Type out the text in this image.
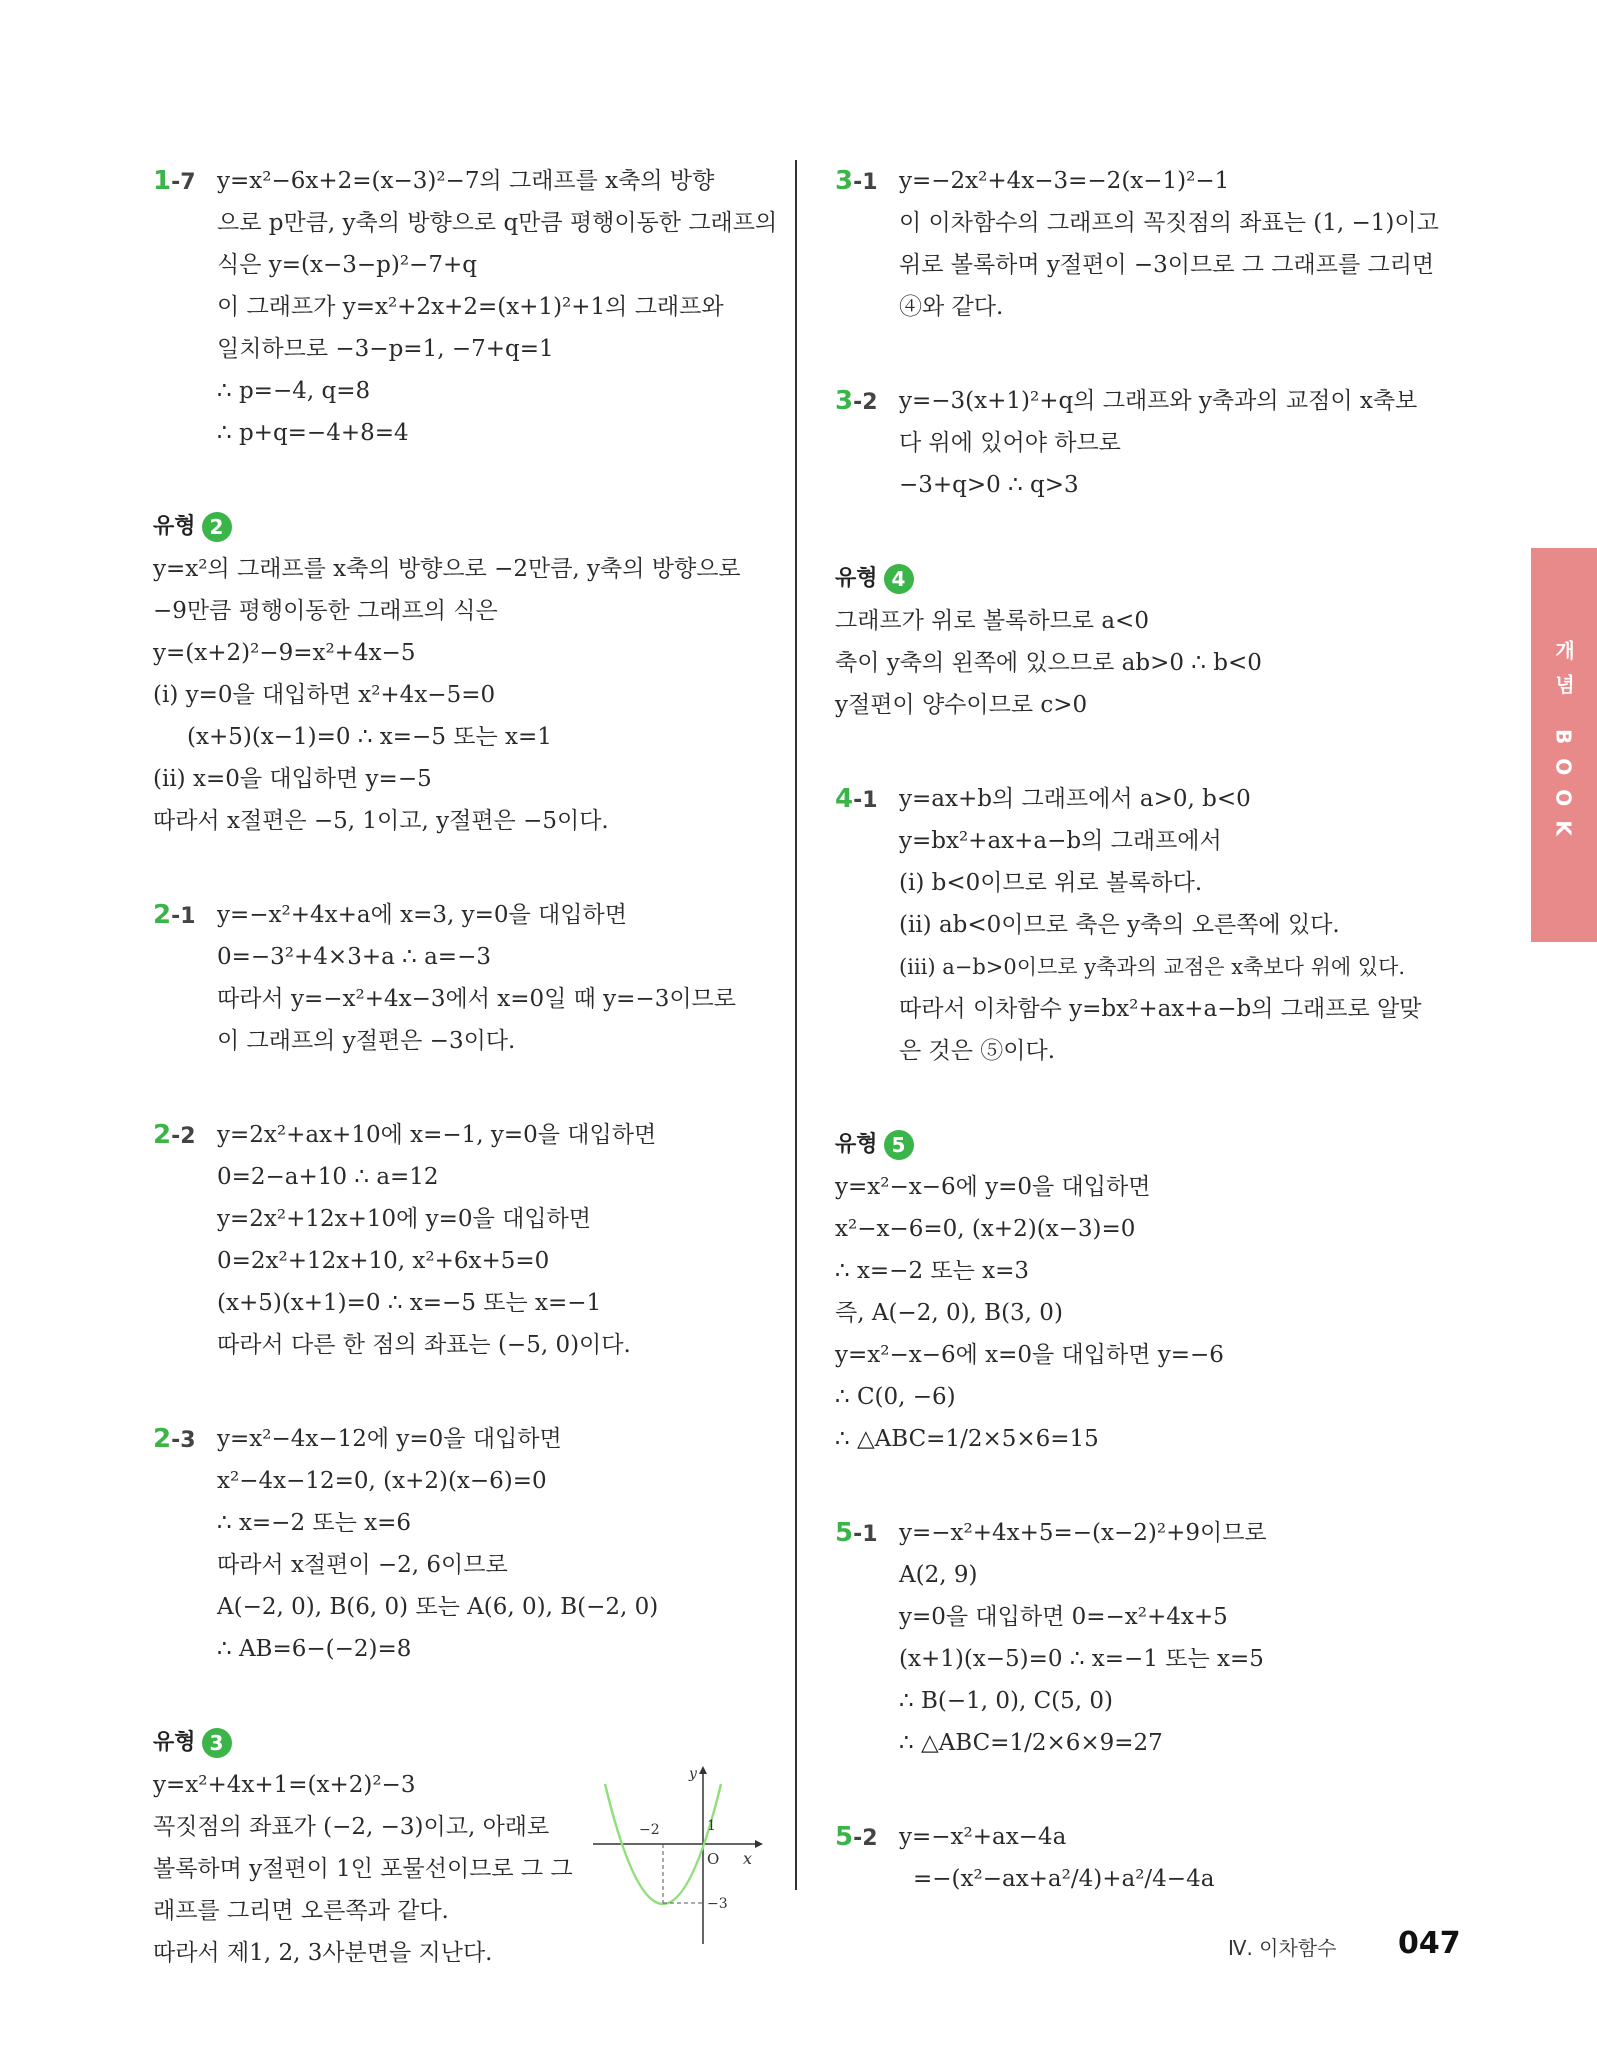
개념 BOOK
1-7 y=x²−6x+2=(x−3)²−7의 그래프를 x축의 방향
으로 p만큼, y축의 방향으로 q만큼 평행이동한 그래프의
식은 y=(x−3−p)²−7+q
이 그래프가 y=x²+2x+2=(x+1)²+1의 그래프와
일치하므로 −3−p=1, −7+q=1
∴ p=−4, q=8
∴ p+q=−4+8=4
유형 2
y=x²의 그래프를 x축의 방향으로 −2만큼, y축의 방향으로
−9만큼 평행이동한 그래프의 식은
y=(x+2)²−9=x²+4x−5
(ⅰ) y=0을 대입하면 x²+4x−5=0
(x+5)(x−1)=0 ∴ x=−5 또는 x=1
(ⅱ) x=0을 대입하면 y=−5
따라서 x절편은 −5, 1이고, y절편은 −5이다.
2-1 y=−x²+4x+a에 x=3, y=0을 대입하면
0=−3²+4×3+a ∴ a=−3
따라서 y=−x²+4x−3에서 x=0일 때 y=−3이므로
이 그래프의 y절편은 −3이다.
2-2 y=2x²+ax+10에 x=−1, y=0을 대입하면
0=2−a+10 ∴ a=12
y=2x²+12x+10에 y=0을 대입하면
0=2x²+12x+10, x²+6x+5=0
(x+5)(x+1)=0 ∴ x=−5 또는 x=−1
따라서 다른 한 점의 좌표는 (−5, 0)이다.
2-3 y=x²−4x−12에 y=0을 대입하면
x²−4x−12=0, (x+2)(x−6)=0
∴ x=−2 또는 x=6
따라서 x절편이 −2, 6이므로
A(−2, 0), B(6, 0) 또는 A(6, 0), B(−2, 0)
∴ AB=6−(−2)=8
유형 3
y=x²+4x+1=(x+2)²−3
꼭짓점의 좌표가 (−2, −3)이고, 아래로
볼록하며 y절편이 1인 포물선이므로 그 그
래프를 그리면 오른쪽과 같다.
따라서 제1, 2, 3사분면을 지난다.
y
x
O
−2	1
−3
3-1 y=−2x²+4x−3=−2(x−1)²−1
이 이차함수의 그래프의 꼭짓점의 좌표는 (1, −1)이고
위로 볼록하며 y절편이 −3이므로 그 그래프를 그리면
④와 같다.
3-2 y=−3(x+1)²+q의 그래프와 y축과의 교점이 x축보
다 위에 있어야 하므로
−3+q>0 ∴ q>3
유형 4
그래프가 위로 볼록하므로 a<0
축이 y축의 왼쪽에 있으므로 ab>0 ∴ b<0
y절편이 양수이므로 c>0
4-1 y=ax+b의 그래프에서 a>0, b<0
y=bx²+ax+a−b의 그래프에서
(ⅰ) b<0이므로 위로 볼록하다.
(ⅱ) ab<0이므로 축은 y축의 오른쪽에 있다.
(ⅲ) a−b>0이므로 y축과의 교점은 x축보다 위에 있다.
따라서 이차함수 y=bx²+ax+a−b의 그래프로 알맞
은 것은 ⑤이다.
유형 5
y=x²−x−6에 y=0을 대입하면
x²−x−6=0, (x+2)(x−3)=0
∴ x=−2 또는 x=3
즉, A(−2, 0), B(3, 0)
y=x²−x−6에 x=0을 대입하면 y=−6
∴ C(0, −6)
∴ △ABC=1/2×5×6=15
5-1 y=−x²+4x+5=−(x−2)²+9이므로
A(2, 9)
y=0을 대입하면 0=−x²+4x+5
(x+1)(x−5)=0 ∴ x=−1 또는 x=5
∴ B(−1, 0), C(5, 0)
∴ △ABC=1/2×6×9=27
5-2 y=−x²+ax−4a
=−(x²−ax+a²/4)+a²/4−4a
Ⅳ. 이차함수 047
